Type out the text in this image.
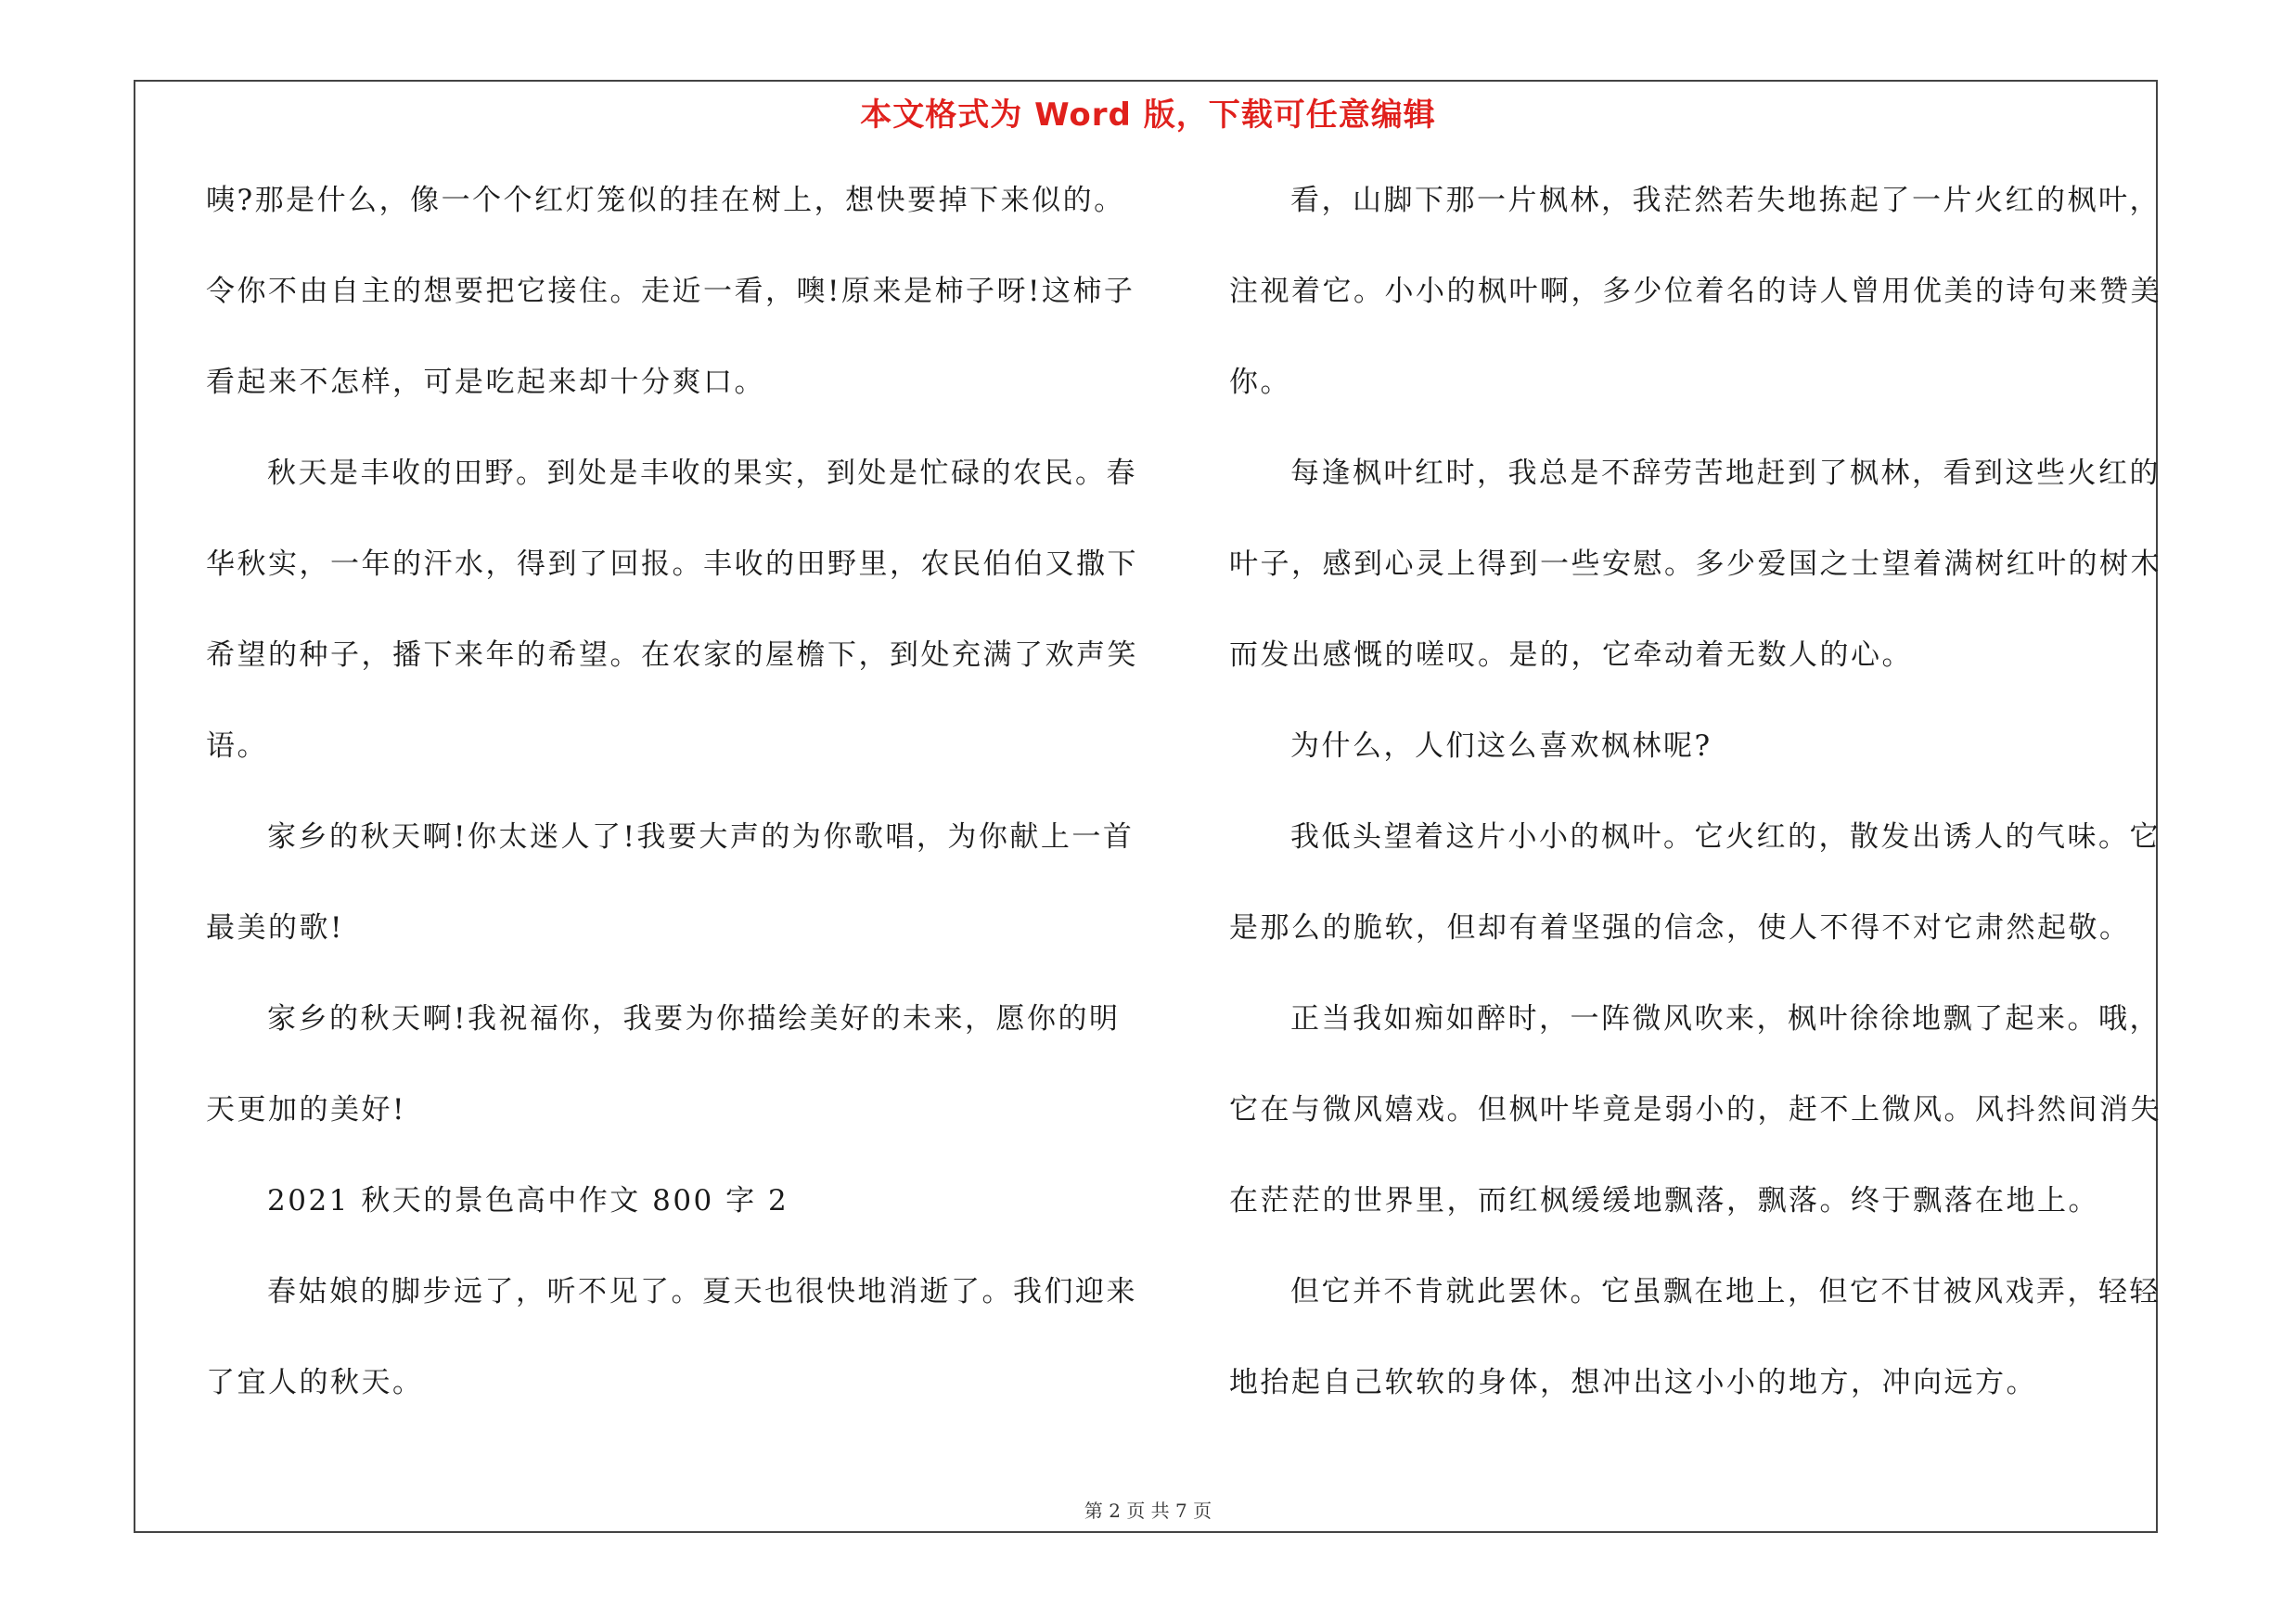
本文格式为 Word 版，下载可任意编辑
咦?那是什么，像一个个红灯笼似的挂在树上，想快要掉下来似的。
令你不由自主的想要把它接住。走近一看，噢!原来是柿子呀!这柿子
看起来不怎样，可是吃起来却十分爽口。
秋天是丰收的田野。到处是丰收的果实，到处是忙碌的农民。春
华秋实，一年的汗水，得到了回报。丰收的田野里，农民伯伯又撒下
希望的种子，播下来年的希望。在农家的屋檐下，到处充满了欢声笑
语。
家乡的秋天啊!你太迷人了!我要大声的为你歌唱，为你献上一首
最美的歌!
家乡的秋天啊!我祝福你，我要为你描绘美好的未来，愿你的明
天更加的美好!
2021 秋天的景色高中作文 800 字 2
春姑娘的脚步远了，听不见了。夏天也很快地消逝了。我们迎来
了宜人的秋天。
看，山脚下那一片枫林，我茫然若失地拣起了一片火红的枫叶，
注视着它。小小的枫叶啊，多少位着名的诗人曾用优美的诗句来赞美
你。
每逢枫叶红时，我总是不辞劳苦地赶到了枫林，看到这些火红的
叶子，感到心灵上得到一些安慰。多少爱国之士望着满树红叶的树木
而发出感慨的嗟叹。是的，它牵动着无数人的心。
为什么，人们这么喜欢枫林呢?
我低头望着这片小小的枫叶。它火红的，散发出诱人的气味。它
是那么的脆软，但却有着坚强的信念，使人不得不对它肃然起敬。
正当我如痴如醉时，一阵微风吹来，枫叶徐徐地飘了起来。哦，
它在与微风嬉戏。但枫叶毕竟是弱小的，赶不上微风。风抖然间消失
在茫茫的世界里，而红枫缓缓地飘落，飘落。终于飘落在地上。
但它并不肯就此罢休。它虽飘在地上，但它不甘被风戏弄，轻轻
地抬起自己软软的身体，想冲出这小小的地方，冲向远方。
第 2 页 共 7 页
